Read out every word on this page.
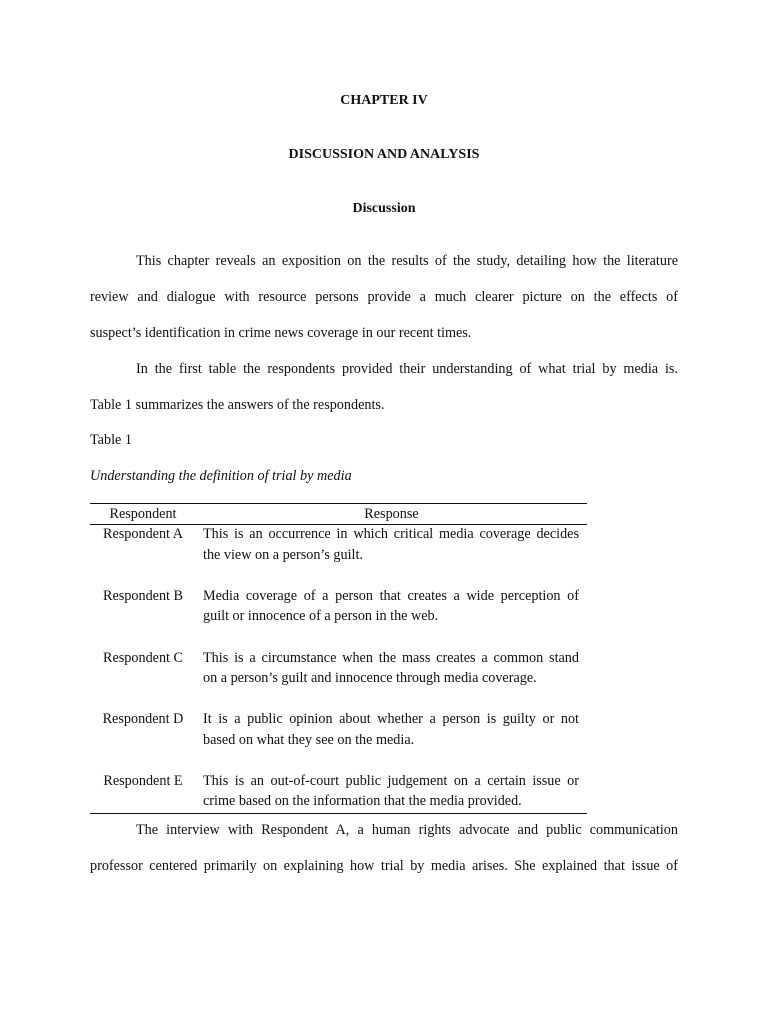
CHAPTER IV
DISCUSSION AND ANALYSIS
Discussion
This chapter reveals an exposition on the results of the study, detailing how the literature
review and dialogue with resource persons provide a much clearer picture on the effects of
suspect’s identification in crime news coverage in our recent times.
In the first table the respondents provided their understanding of what trial by media is.
Table 1 summarizes the answers of the respondents.
Table 1
Understanding the definition of trial by media
Respondent	Response
Respondent A	This is an occurrence in which critical media coverage decides
the view on a person’s guilt.
Respondent B	Media coverage of a person that creates a wide perception of
guilt or innocence of a person in the web.
Respondent C	This is a circumstance when the mass creates a common stand
on a person’s guilt and innocence through media coverage.
Respondent D	It is a public opinion about whether a person is guilty or not
based on what they see on the media.
Respondent E	This is an out-of-court public judgement on a certain issue or
crime based on the information that the media provided.
The interview with Respondent A, a human rights advocate and public communication
professor centered primarily on explaining how trial by media arises. She explained that issue of
